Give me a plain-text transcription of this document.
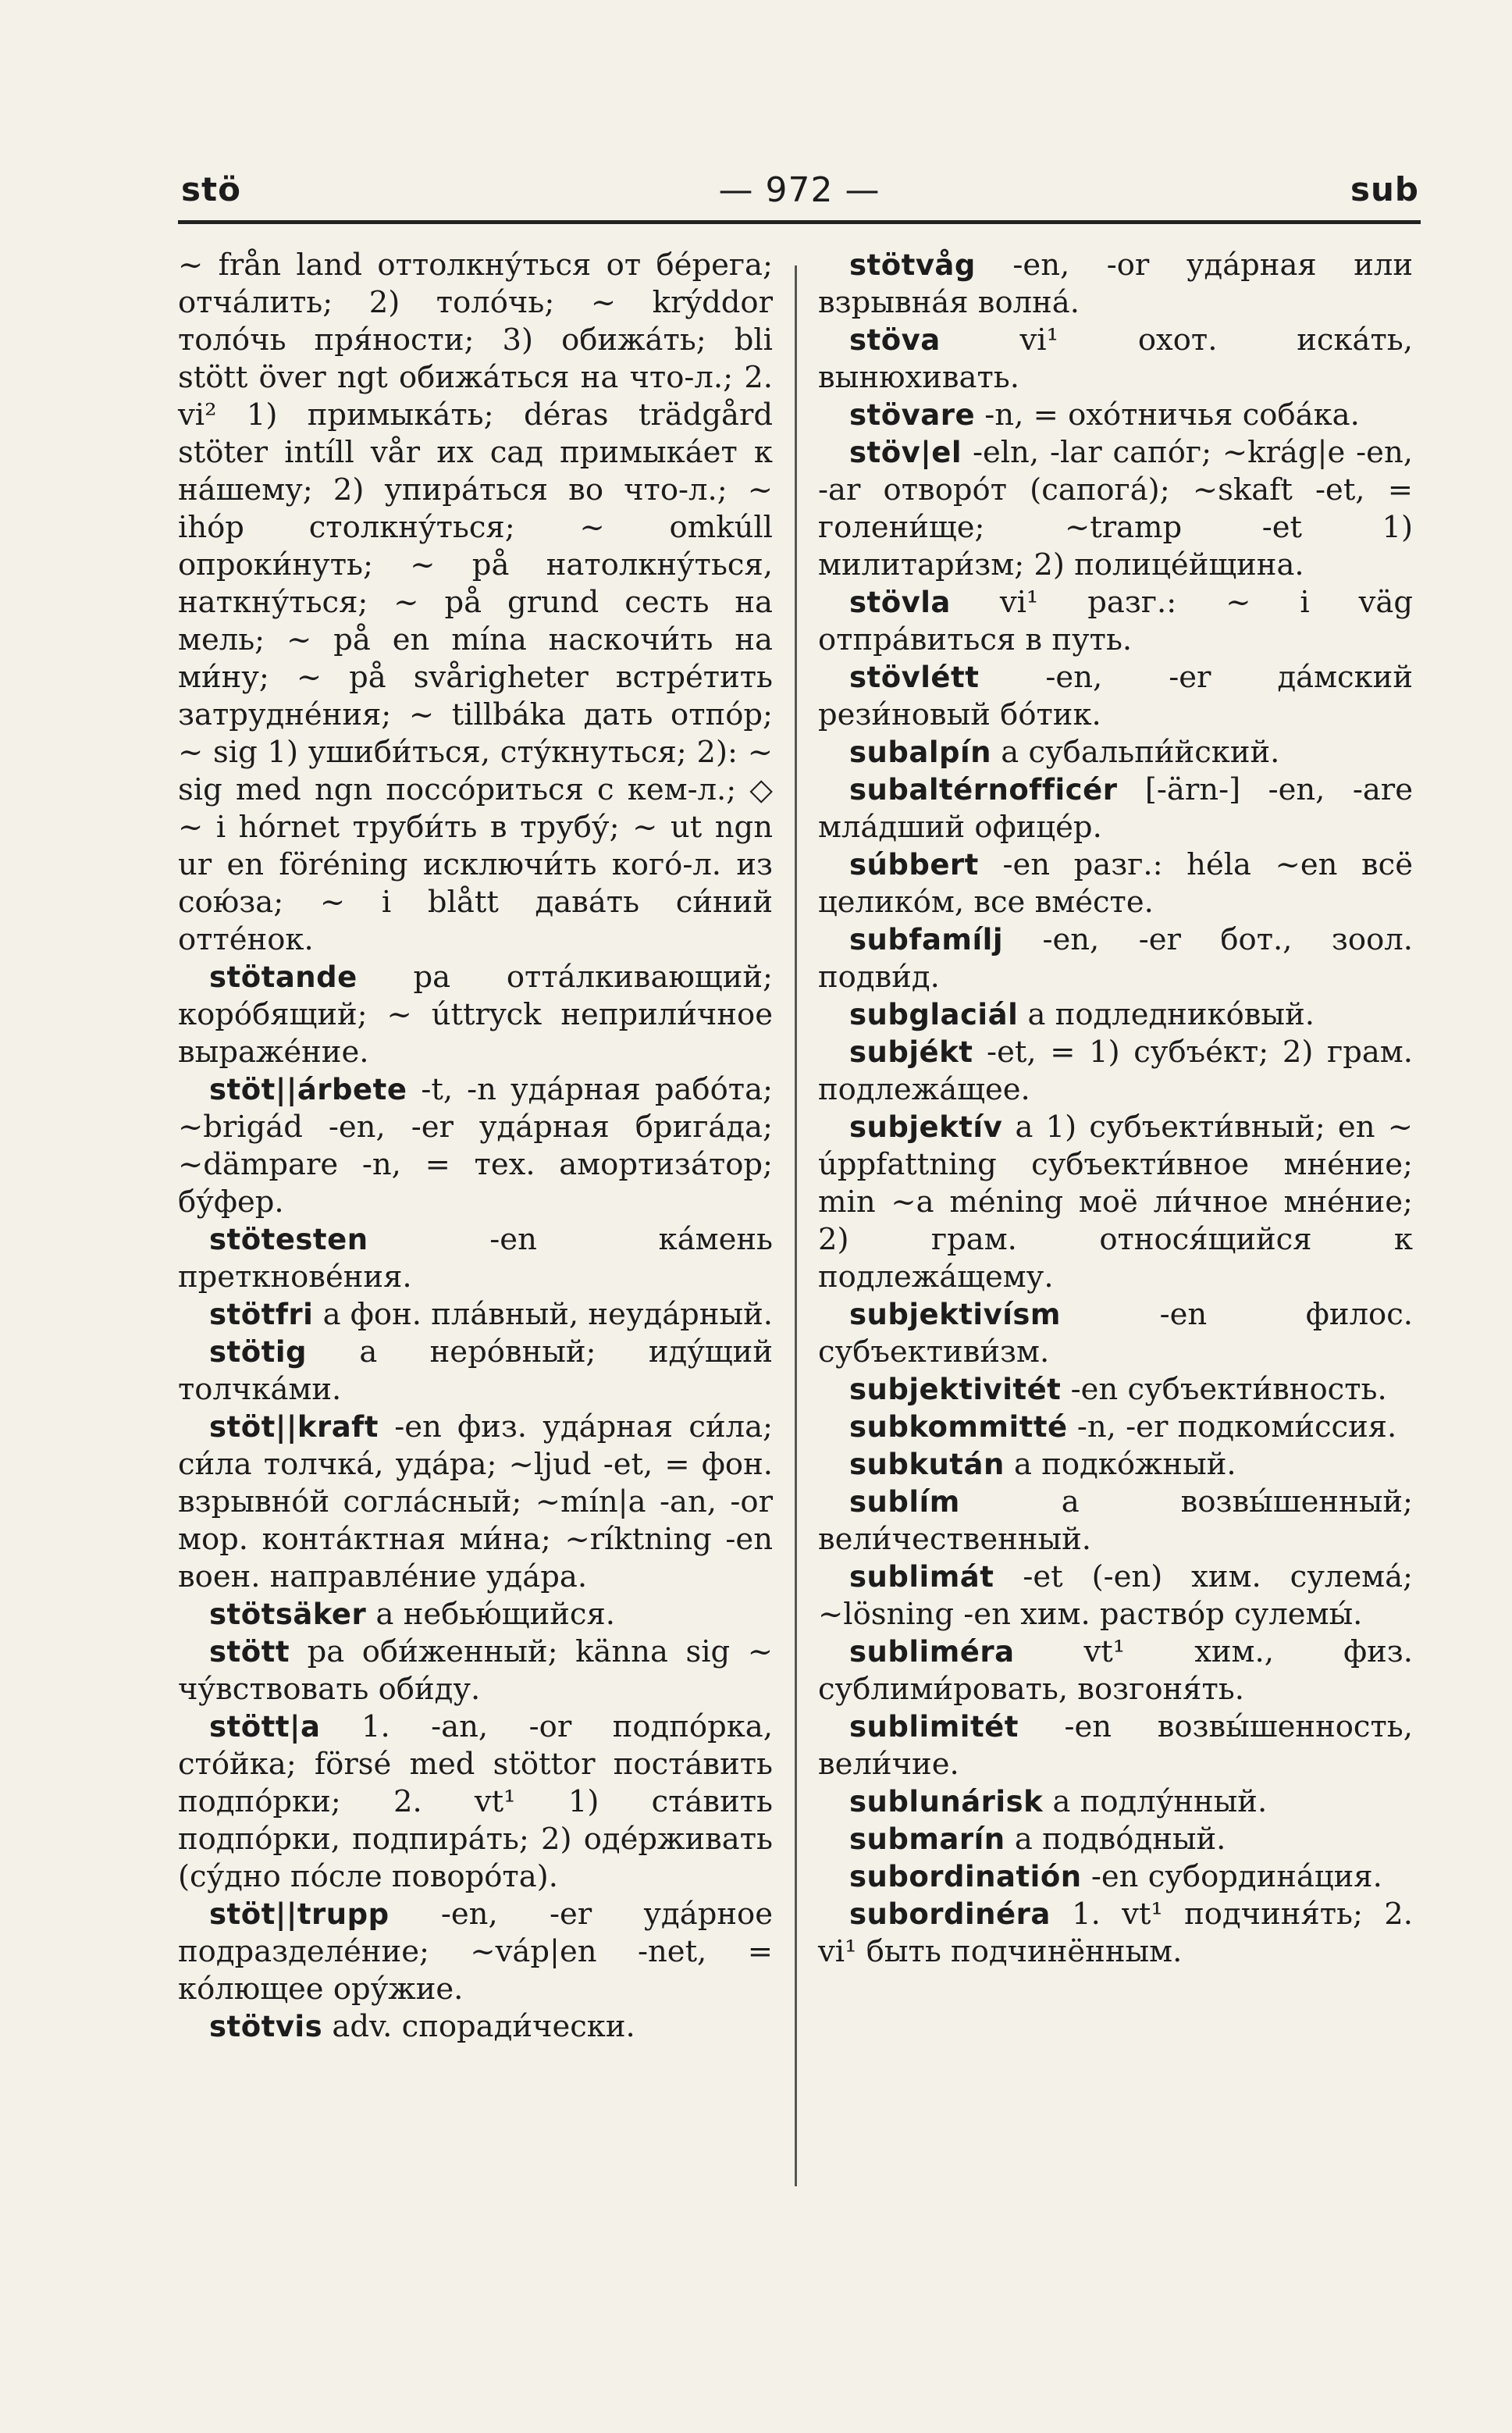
stö	— 972 —	sub

~ från land оттолкну́ться от бе́рега; отча́лить; 2) толо́чь; ~ krýddor толо́чь пря́ности; 3) обижа́ть; bli stött över ngt обижа́ться на что-л.; 2. vi² 1) примыка́ть; déras trädgård stöter intíll vår их сад примыка́ет к на́шему; 2) упира́ться во что-л.; ~ ihóp столкну́ться; ~ omkúll опроки́нуть; ~ på натолкну́ться, наткну́ться; ~ på grund сесть на мель; ~ på en mína наскочи́ть на ми́ну; ~ på svårigheter встре́тить затрудне́ния; ~ tillbáka дать отпо́р; ~ sig 1) ушиби́ться, сту́кнуться; 2): ~ sig med ngn поссо́риться с кем-л.; ◇ ~ i hórnet труби́ть в трубу́; ~ ut ngn ur en föréning исключи́ть кого́-л. из сою́за; ~ i blått дава́ть си́ний отте́нок.

stötande pa отта́лкивающий; коро́бящий; ~ úttryck неприли́чное выраже́ние.

stöt||árbete -t, -n уда́рная рабо́та; ~brigád -en, -er уда́рная брига́да; ~dämpare -n, = тех. амортиза́тор; бу́фер.

stötesten -en ка́мень преткнове́ния.

stötfri a фон. пла́вный, неуда́рный.

stötig a неро́вный; иду́щий толчка́ми.

stöt||kraft -en физ. уда́рная си́ла; си́ла толчка́, уда́ра; ~ljud -et, = фон. взрывно́й согла́сный; ~mín|a -an, -or мор. конта́ктная ми́на; ~ríktning -en воен. направле́ние уда́ра.

stötsäker a небью́щийся.

stött pa оби́женный; känna sig ~ чу́вствовать оби́ду.

stött|a 1. -an, -or подпо́рка, сто́йка; försé med stöttor поста́вить подпо́рки; 2. vt¹ 1) ста́вить подпо́рки, подпира́ть; 2) оде́рживать (су́дно по́сле поворо́та).

stöt||trupp -en, -er уда́рное подразделе́ние; ~váp|en -net, = ко́лющее ору́жие.

stötvis adv. споради́чески.

stötvåg -en, -or уда́рная или взрывна́я волна́.

stöva vi¹ охот. иска́ть, вынюхивать.

stövare -n, = охо́тничья соба́ка.

stöv|el -eln, -lar сапо́г; ~krág|e -en, -ar отворо́т (сапога́); ~skaft -et, = голени́ще; ~tramp -et 1) милитари́зм; 2) полице́йщина.

stövla vi¹ разг.: ~ i väg отпра́виться в путь.

stövlétt -en, -er да́мский рези́новый бо́тик.

subalpín a субальпи́йский.

subaltérnofficér [-ärn-] -en, -are мла́дший офице́р.

súbbert -en разг.: héla ~en всё целико́м, все вме́сте.

subfamílj -en, -er бот., зоол. подви́д.

subglaciál a подледнико́вый.

subjékt -et, = 1) субъе́кт; 2) грам. подлежа́щее.

subjektív a 1) субъекти́вный; en ~ úppfattning субъекти́вное мне́ние; min ~a méning моё ли́чное мне́ние; 2) грам. относя́щийся к подлежа́щему.

subjektivísm -en филос. субъективи́зм.

subjektivitét -en субъекти́вность.

subkommitté -n, -er подкоми́ссия.

subkután a подко́жный.

sublím a возвы́шенный; вели́чественный.

sublimát -et (-en) хим. сулема́; ~lösning -en хим. раство́р сулемы́.

subliméra vt¹ хим., физ. сублими́ровать, возгоня́ть.

sublimitét -en возвы́шенность, вели́чие.

sublunárisk a подлу́нный.

submarín a подво́дный.

subordinatión -en субордина́ция.

subordinéra 1. vt¹ подчиня́ть; 2. vi¹ быть подчинённым.
